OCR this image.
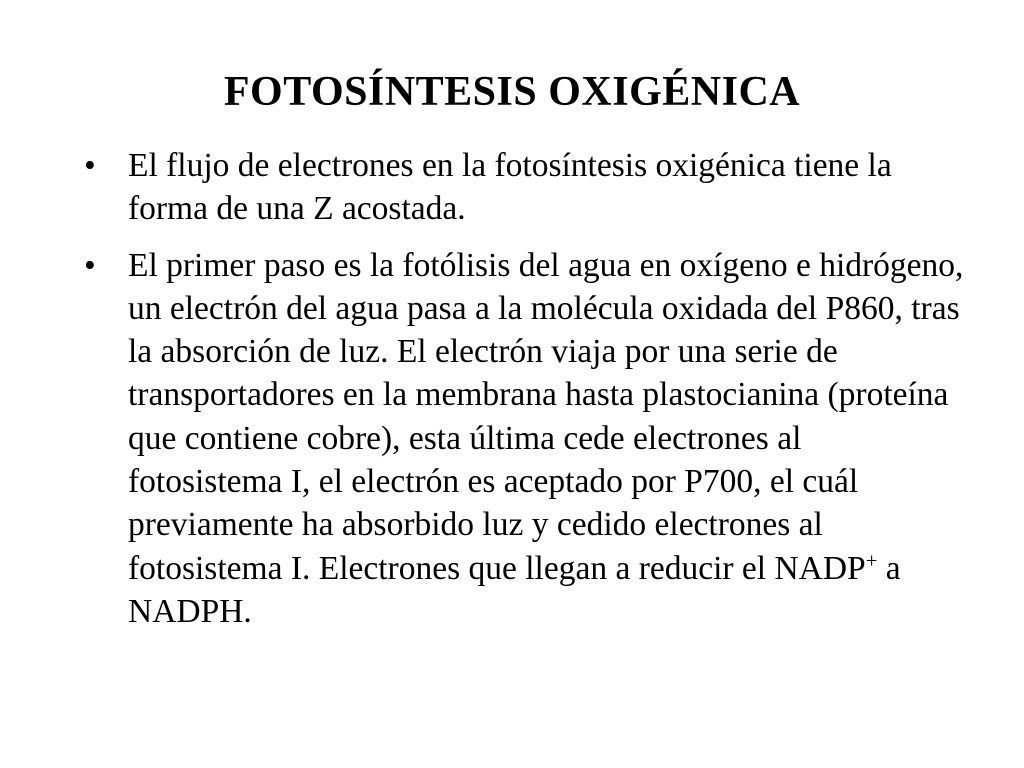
FOTOSÍNTESIS OXIGÉNICA
• El flujo de electrones en la fotosíntesis oxigénica tiene la forma de una Z acostada.
• El primer paso es la fotólisis del agua en oxígeno e hidrógeno, un electrón del agua pasa a la molécula oxidada del P860, tras la absorción de luz. El electrón viaja por una serie de transportadores en la membrana hasta plastocianina (proteína que contiene cobre), esta última cede electrones al fotosistema I, el electrón es aceptado por P700, el cuál previamente ha absorbido luz y cedido electrones al fotosistema I. Electrones que llegan a reducir el NADP+ a NADPH.
